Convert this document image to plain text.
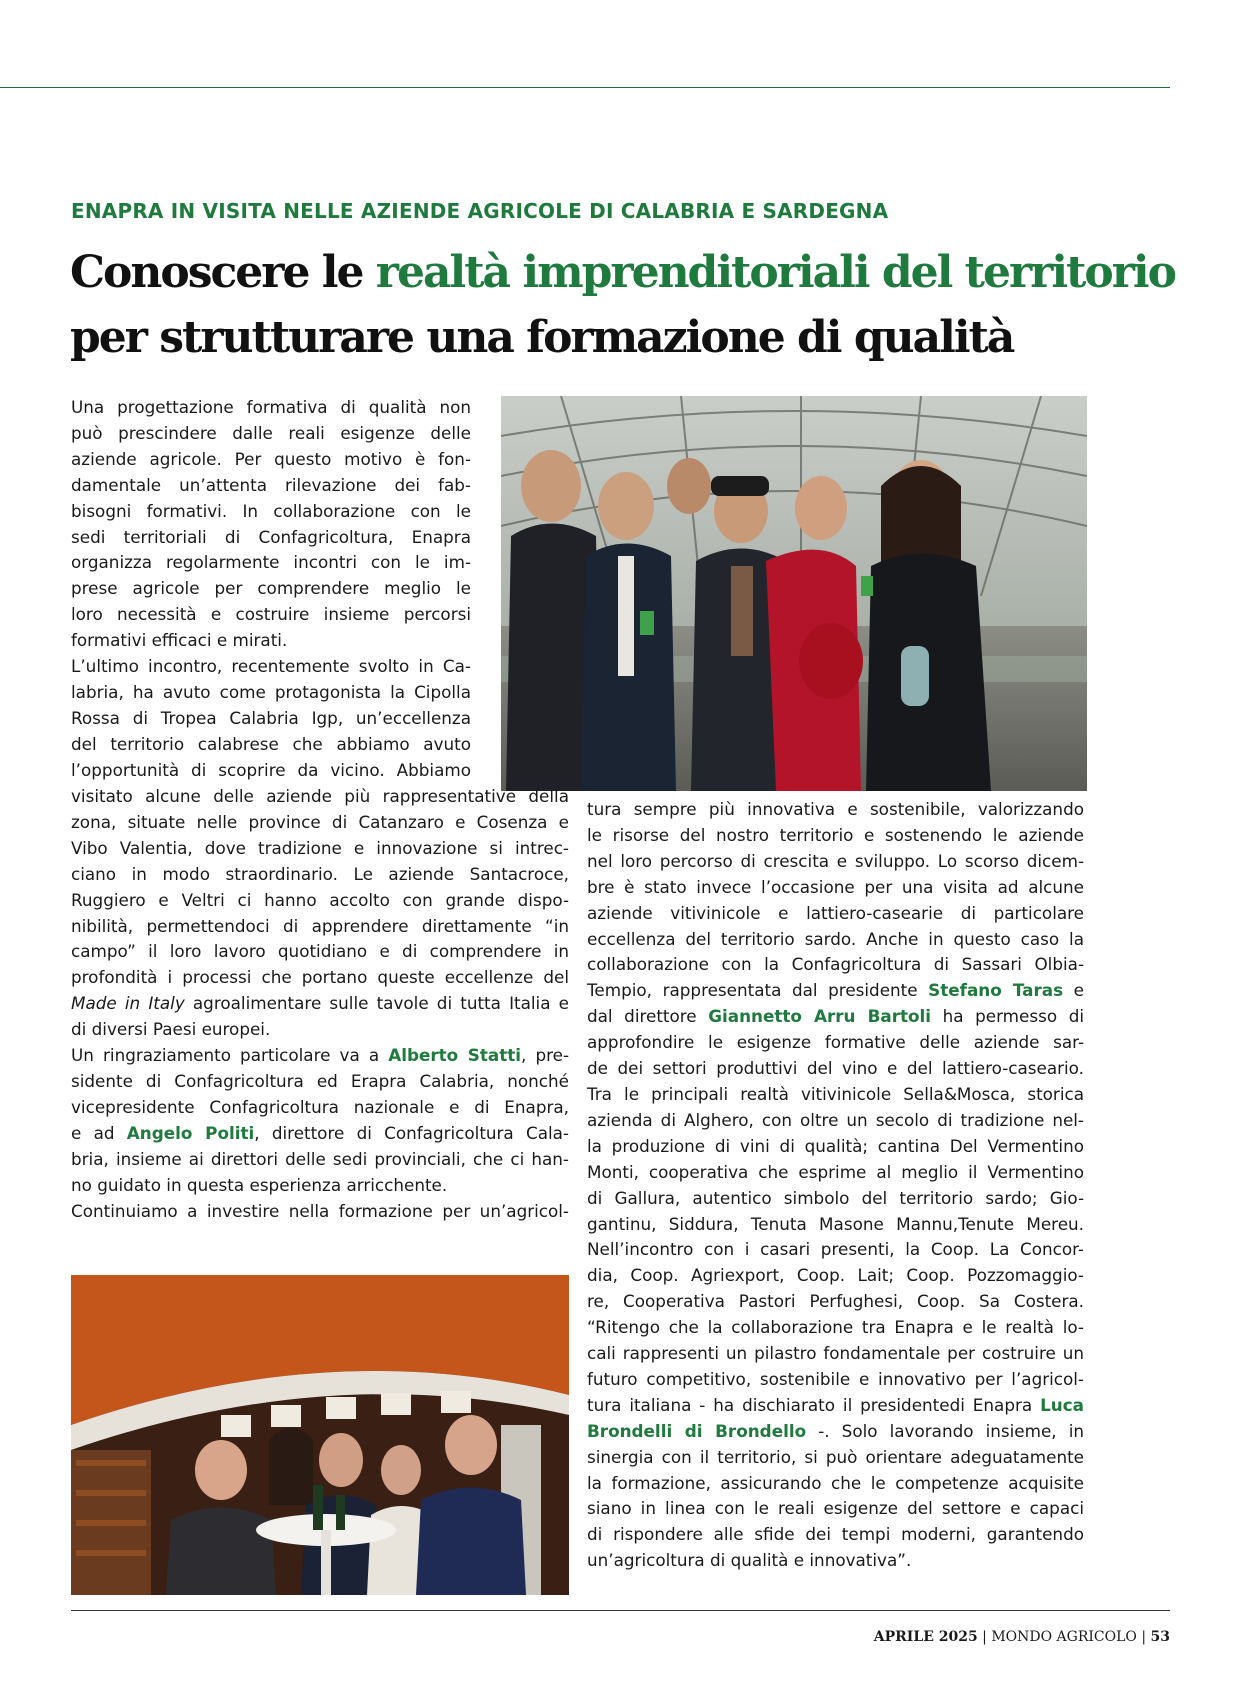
ENAPRA IN VISITA NELLE AZIENDE AGRICOLE DI CALABRIA E SARDEGNA
Conoscere le realtà imprenditoriali del territorio
per strutturare una formazione di qualità
Una progettazione formativa di qualità non
può prescindere dalle reali esigenze delle
aziende agricole. Per questo motivo è fon-
damentale un’attenta rilevazione dei fab-
bisogni formativi. In collaborazione con le
sedi territoriali di Confagricoltura, Enapra
organizza regolarmente incontri con le im-
prese agricole per comprendere meglio le
loro necessità e costruire insieme percorsi
formativi efficaci e mirati.
L’ultimo incontro, recentemente svolto in Ca-
labria, ha avuto come protagonista la Cipolla
Rossa di Tropea Calabria Igp, un’eccellenza
del territorio calabrese che abbiamo avuto
l’opportunità di scoprire da vicino. Abbiamo
visitato alcune delle aziende più rappresentative della
zona, situate nelle province di Catanzaro e Cosenza e
Vibo Valentia, dove tradizione e innovazione si intrec-
ciano in modo straordinario. Le aziende Santacroce,
Ruggiero e Veltri ci hanno accolto con grande dispo-
nibilità, permettendoci di apprendere direttamente “in
campo” il loro lavoro quotidiano e di comprendere in
profondità i processi che portano queste eccellenze del
Made in Italy agroalimentare sulle tavole di tutta Italia e
di diversi Paesi europei.
Un ringraziamento particolare va a Alberto Statti, pre-
sidente di Confagricoltura ed Erapra Calabria, nonché
vicepresidente Confagricoltura nazionale e di Enapra,
e ad Angelo Politi, direttore di Confagricoltura Cala-
bria, insieme ai direttori delle sedi provinciali, che ci han-
no guidato in questa esperienza arricchente.
Continuiamo a investire nella formazione per un’agricol-
tura sempre più innovativa e sostenibile, valorizzando
le risorse del nostro territorio e sostenendo le aziende
nel loro percorso di crescita e sviluppo. Lo scorso dicem-
bre è stato invece l’occasione per una visita ad alcune
aziende vitivinicole e lattiero-casearie di particolare
eccellenza del territorio sardo. Anche in questo caso la
collaborazione con la Confagricoltura di Sassari Olbia-
Tempio, rappresentata dal presidente Stefano Taras e
dal direttore Giannetto Arru Bartoli ha permesso di
approfondire le esigenze formative delle aziende sar-
de dei settori produttivi del vino e del lattiero-caseario.
Tra le principali realtà vitivinicole Sella&Mosca, storica
azienda di Alghero, con oltre un secolo di tradizione nel-
la produzione di vini di qualità; cantina Del Vermentino
Monti, cooperativa che esprime al meglio il Vermentino
di Gallura, autentico simbolo del territorio sardo; Gio-
gantinu, Siddura, Tenuta Masone Mannu,Tenute Mereu.
Nell’incontro con i casari presenti, la Coop. La Concor-
dia, Coop. Agriexport, Coop. Lait; Coop. Pozzomaggio-
re, Cooperativa Pastori Perfughesi, Coop. Sa Costera.
“Ritengo che la collaborazione tra Enapra e le realtà lo-
cali rappresenti un pilastro fondamentale per costruire un
futuro competitivo, sostenibile e innovativo per l’agricol-
tura italiana - ha dischiarato il presidentedi Enapra Luca
Brondelli di Brondello -. Solo lavorando insieme, in
sinergia con il territorio, si può orientare adeguatamente
la formazione, assicurando che le competenze acquisite
siano in linea con le reali esigenze del settore e capaci
di rispondere alle sfide dei tempi moderni, garantendo
un’agricoltura di qualità e innovativa”.

APRILE 2025 | MONDO AGRICOLO | 53
